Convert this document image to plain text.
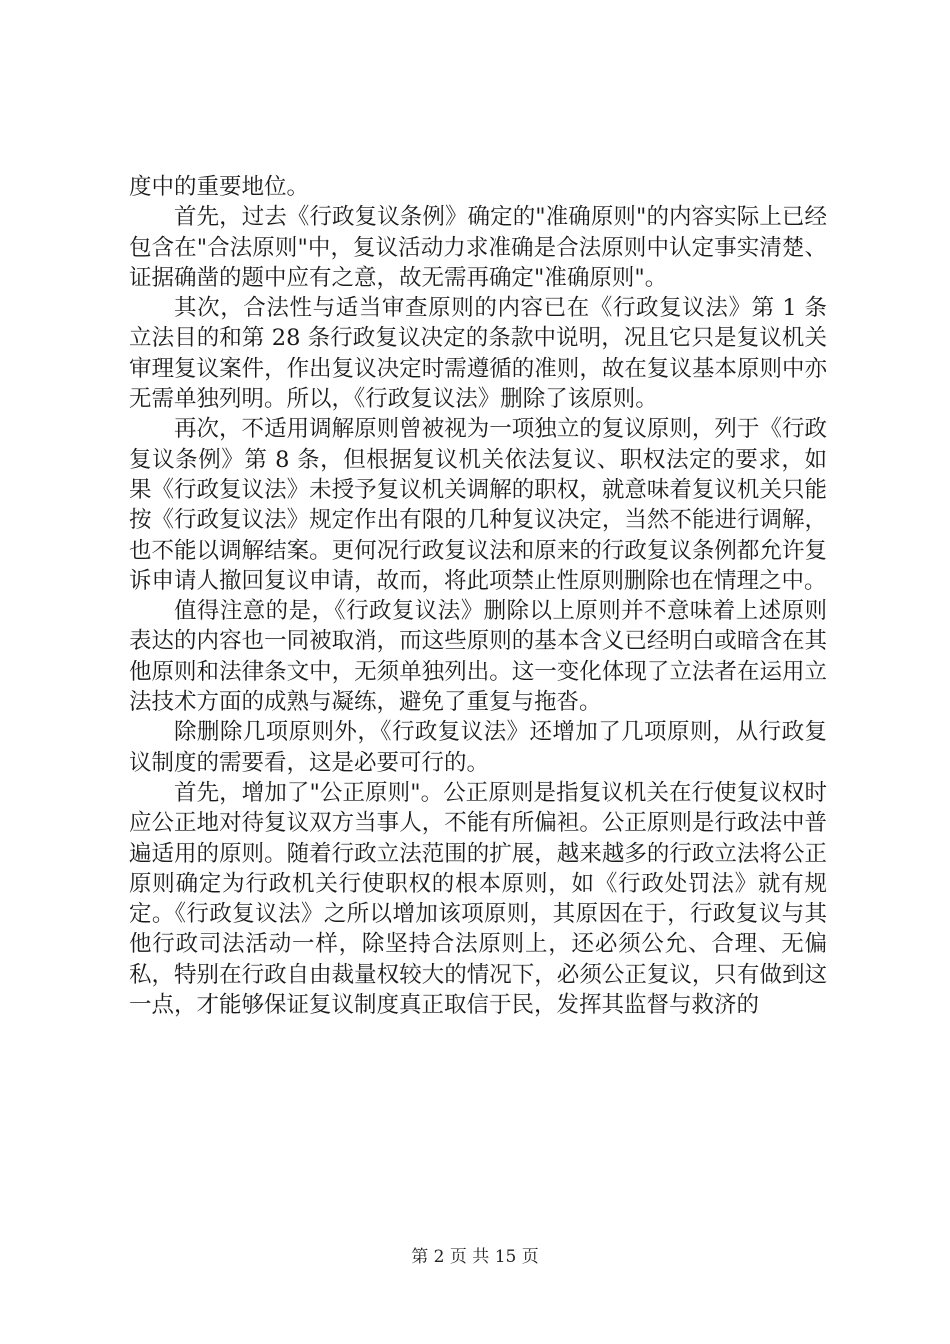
度中的重要地位。

首先，过去《行政复议条例》确定的"准确原则"的内容实际上已经包含在"合法原则"中，复议活动力求准确是合法原则中认定事实清楚、证据确凿的题中应有之意，故无需再确定"准确原则"。

其次，合法性与适当审查原则的内容已在《行政复议法》第 1 条立法目的和第 28 条行政复议决定的条款中说明，况且它只是复议机关审理复议案件，作出复议决定时需遵循的准则，故在复议基本原则中亦无需单独列明。所以，《行政复议法》删除了该原则。

再次，不适用调解原则曾被视为一项独立的复议原则，列于《行政复议条例》第 8 条，但根据复议机关依法复议、职权法定的要求，如果《行政复议法》未授予复议机关调解的职权，就意味着复议机关只能按《行政复议法》规定作出有限的几种复议决定，当然不能进行调解，也不能以调解结案。更何况行政复议法和原来的行政复议条例都允许复诉申请人撤回复议申请，故而，将此项禁止性原则删除也在情理之中。

值得注意的是，《行政复议法》删除以上原则并不意味着上述原则表达的内容也一同被取消，而这些原则的基本含义已经明白或暗含在其他原则和法律条文中，无须单独列出。这一变化体现了立法者在运用立法技术方面的成熟与凝练，避免了重复与拖沓。

除删除几项原则外，《行政复议法》还增加了几项原则，从行政复议制度的需要看，这是必要可行的。

首先，增加了"公正原则"。公正原则是指复议机关在行使复议权时应公正地对待复议双方当事人，不能有所偏袒。公正原则是行政法中普遍适用的原则。随着行政立法范围的扩展，越来越多的行政立法将公正原则确定为行政机关行使职权的根本原则，如《行政处罚法》就有规定。《行政复议法》之所以增加该项原则，其原因在于，行政复议与其他行政司法活动一样，除坚持合法原则上，还必须公允、合理、无偏私，特别在行政自由裁量权较大的情况下，必须公正复议，只有做到这一点，才能够保证复议制度真正取信于民，发挥其监督与救济的

第 2 页 共 15 页
